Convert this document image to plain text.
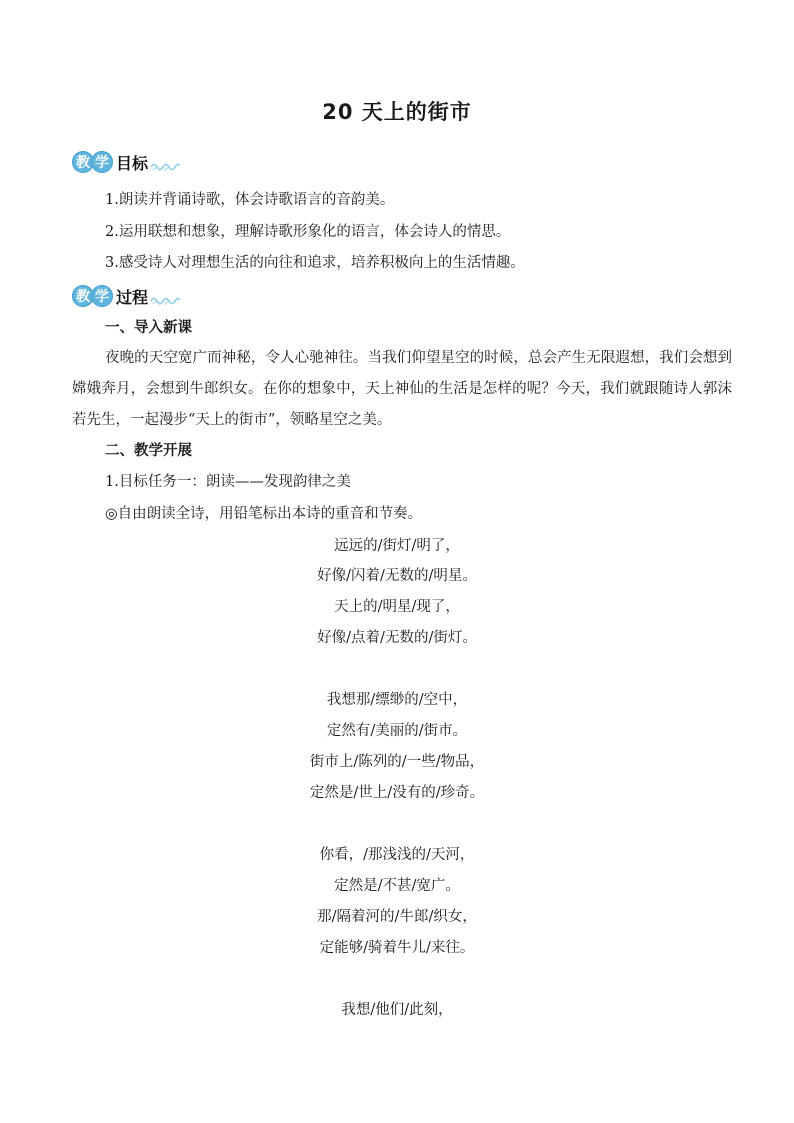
20 天上的街市
教 学 目标
1.朗读并背诵诗歌，体会诗歌语言的音韵美。
2.运用联想和想象，理解诗歌形象化的语言，体会诗人的情思。
3.感受诗人对理想生活的向往和追求，培养积极向上的生活情趣。
教 学 过程
一、导入新课
夜晚的天空宽广而神秘，令人心驰神往。当我们仰望星空的时候，总会产生无限遐想，我们会想到嫦娥奔月，会想到牛郎织女。在你的想象中，天上神仙的生活是怎样的呢？今天，我们就跟随诗人郭沫若先生，一起漫步“天上的街市”，领略星空之美。
二、教学开展
1.目标任务一：朗读——发现韵律之美
◎自由朗读全诗，用铅笔标出本诗的重音和节奏。
远远的/街灯/明了，
好像/闪着/无数的/明星。
天上的/明星/现了，
好像/点着/无数的/街灯。
我想那/缥缈的/空中，
定然有/美丽的/街市。
街市上/陈列的/一些/物品，
定然是/世上/没有的/珍奇。
你看，/那浅浅的/天河，
定然是/不甚/宽广。
那/隔着河的/牛郎/织女，
定能够/骑着牛儿/来往。
我想/他们/此刻，
